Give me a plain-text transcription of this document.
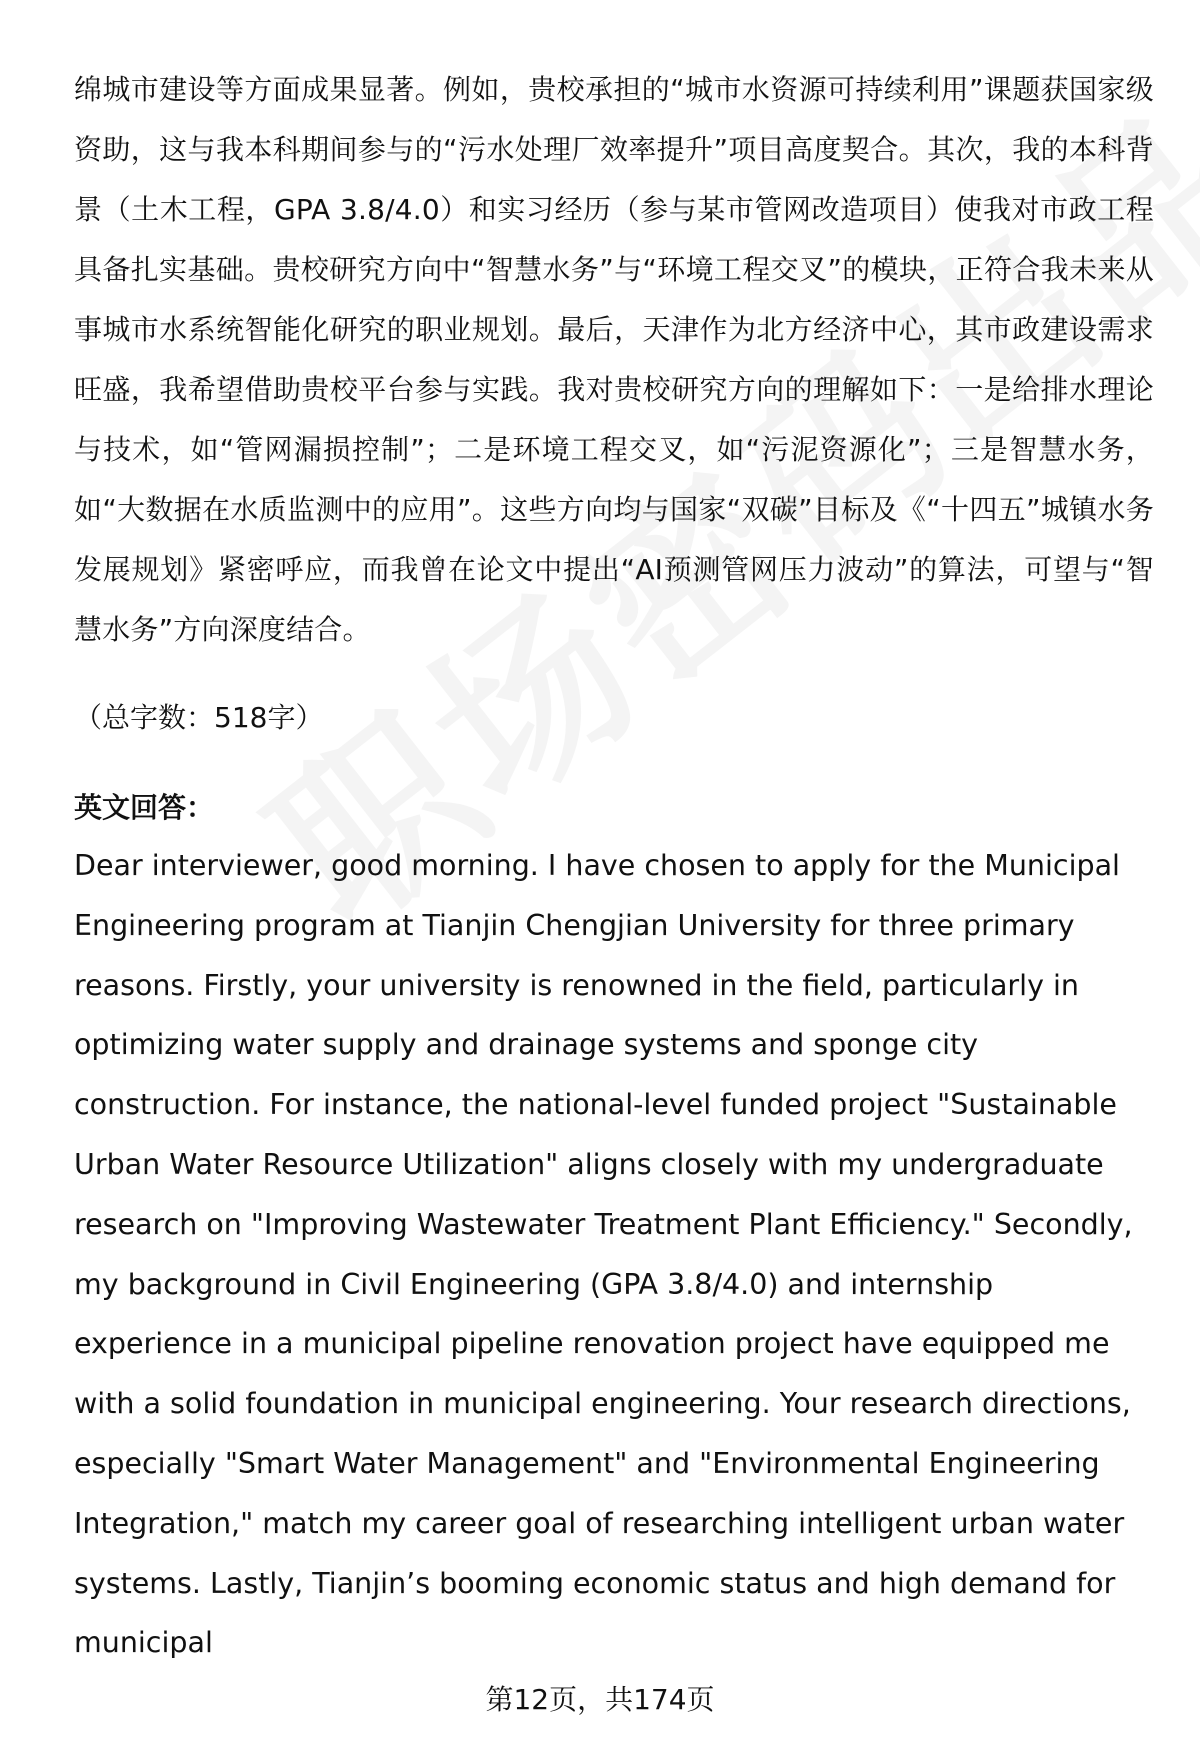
绵城市建设等方面成果显著。例如，贵校承担的“城市水资源可持续利用”课题获国家级资助，这与我本科期间参与的“污水处理厂效率提升”项目高度契合。其次，我的本科背景（土木工程，GPA 3.8/4.0）和实习经历（参与某市管网改造项目）使我对市政工程具备扎实基础。贵校研究方向中“智慧水务”与“环境工程交叉”的模块，正符合我未来从事城市水系统智能化研究的职业规划。最后，天津作为北方经济中心，其市政建设需求旺盛，我希望借助贵校平台参与实践。我对贵校研究方向的理解如下：一是给排水理论与技术，如“管网漏损控制”；二是环境工程交叉，如“污泥资源化”；三是智慧水务，如“大数据在水质监测中的应用”。这些方向均与国家“双碳”目标及《“十四五”城镇水务发展规划》紧密呼应，而我曾在论文中提出“AI预测管网压力波动”的算法，可望与“智慧水务”方向深度结合。

（总字数：518字）

英文回答：

Dear interviewer, good morning. I have chosen to apply for the Municipal Engineering program at Tianjin Chengjian University for three primary reasons. Firstly, your university is renowned in the field, particularly in optimizing water supply and drainage systems and sponge city construction. For instance, the national-level funded project "Sustainable Urban Water Resource Utilization" aligns closely with my undergraduate research on "Improving Wastewater Treatment Plant Efficiency." Secondly, my background in Civil Engineering (GPA 3.8/4.0) and internship experience in a municipal pipeline renovation project have equipped me with a solid foundation in municipal engineering. Your research directions, especially "Smart Water Management" and "Environmental Engineering Integration," match my career goal of researching intelligent urban water systems. Lastly, Tianjin’s booming economic status and high demand for municipal

第12页，共174页
